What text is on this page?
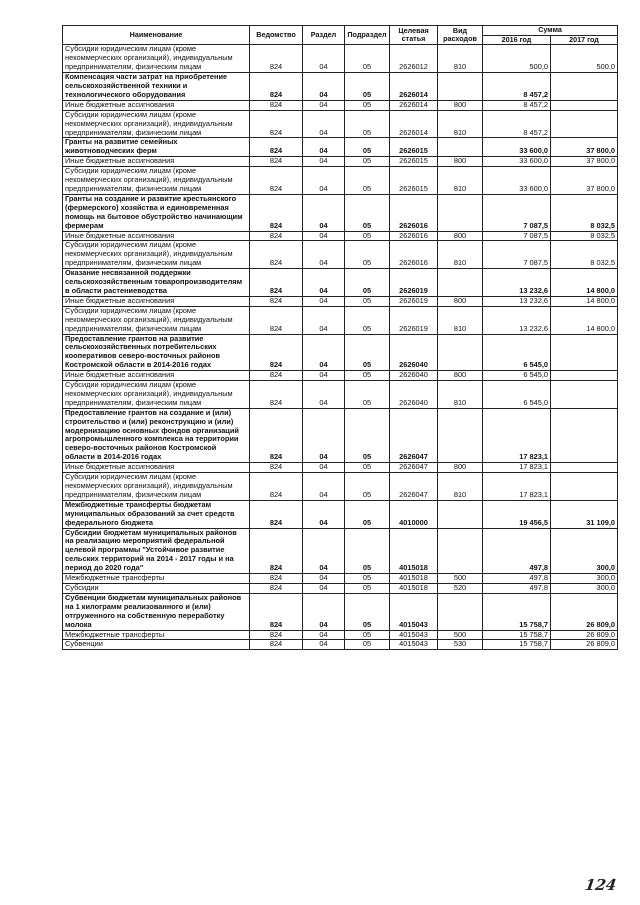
Наименование	Ведомство	Раздел	Подраздел	Целевая статья	Вид расходов	Сумма	
						2016 год	2017 год
Субсидии юридическим лицам (кроме некоммерческих организаций), индивидуальным предпринимателям, физическим лицам	824	04	05	2626012	810	500,0	500,0
Компенсация части затрат на приобретение сельскохозяйственной техники и технологического оборудования	824	04	05	2626014		8 457,2	
Иные бюджетные ассигнования	824	04	05	2626014	800	8 457,2	
Субсидии юридическим лицам (кроме некоммерческих организаций), индивидуальным предпринимателям, физическим лицам	824	04	05	2626014	810	8 457,2	
Гранты на развитие семейных животноводческих ферм	824	04	05	2626015		33 600,0	37 800,0
Иные бюджетные ассигнования	824	04	05	2626015	800	33 600,0	37 800,0
Субсидии юридическим лицам (кроме некоммерческих организаций), индивидуальным предпринимателям, физическим лицам	824	04	05	2626015	810	33 600,0	37 800,0
Гранты на создание и развитие крестьянского (фермерского) хозяйства и единовременная помощь на бытовое обустройство начинающим фермерам	824	04	05	2626016		7 087,5	8 032,5
Иные бюджетные ассигнования	824	04	05	2626016	800	7 087,5	8 032,5
Субсидии юридическим лицам (кроме некоммерческих организаций), индивидуальным предпринимателям, физическим лицам	824	04	05	2626016	810	7 087,5	8 032,5
Оказание несвязанной поддержки сельскохозяйственным товаропроизводителям в области растениеводства	824	04	05	2626019		13 232,6	14 800,0
Иные бюджетные ассигнования	824	04	05	2626019	800	13 232,6	14 800,0
Субсидии юридическим лицам (кроме некоммерческих организаций), индивидуальным предпринимателям, физическим лицам	824	04	05	2626019	810	13 232,6	14 800,0
Предоставление грантов на развитие сельскохозяйственных потребительских кооперативов северо-восточных районов Костромской области в 2014-2016 годах	824	04	05	2626040		6 545,0	
Иные бюджетные ассигнования	824	04	05	2626040	800	6 545,0	
Субсидии юридическим лицам (кроме некоммерческих организаций), индивидуальным предпринимателям, физическим лицам	824	04	05	2626040	810	6 545,0	
Предоставление грантов на создание и (или) строительство и (или) реконструкцию и (или) модернизацию основных фондов организаций агропромышленного комплекса на территории северо-восточных районов Костромской области в 2014-2016 годах	824	04	05	2626047		17 823,1	
Иные бюджетные ассигнования	824	04	05	2626047	800	17 823,1	
Субсидии юридическим лицам (кроме некоммерческих организаций), индивидуальным предпринимателям, физическим лицам	824	04	05	2626047	810	17 823,1	
Межбюджетные трансферты бюджетам муниципальных образований за счет средств федерального бюджета	824	04	05	4010000		19 456,5	31 109,0
Субсидии бюджетам муниципальных районов на реализацию мероприятий федеральной целевой программы "Устойчивое развитие сельских территорий на 2014 - 2017 годы и на период до 2020 года"	824	04	05	4015018		497,8	300,0
Межбюджетные трансферты	824	04	05	4015018	500	497,8	300,0
Субсидии	824	04	05	4015018	520	497,8	300,0
Субвенции бюджетам муниципальных районов на 1 килограмм реализованного и (или) отгруженного на собственную переработку молока	824	04	05	4015043		15 758,7	26 809,0
Межбюджетные трансферты	824	04	05	4015043	500	15 758,7	26 809,0
Субвенции	824	04	05	4015043	530	15 758,7	26 809,0
124
